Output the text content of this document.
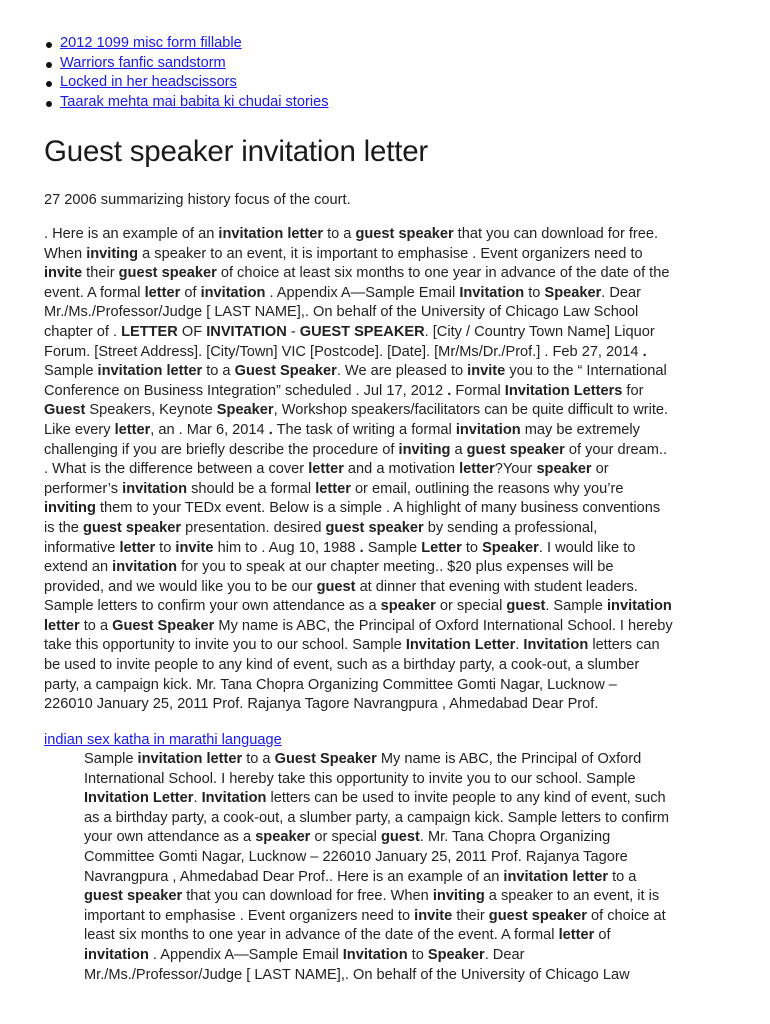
2012 1099 misc form fillable
Warriors fanfic sandstorm
Locked in her headscissors
Taarak mehta mai babita ki chudai stories
Guest speaker invitation letter

27 2006 summarizing history focus of the court.

. Here is an example of an invitation letter to a guest speaker that you can download for free.
When inviting a speaker to an event, it is important to emphasise . Event organizers need to
invite their guest speaker of choice at least six months to one year in advance of the date of the
event. A formal letter of invitation . Appendix A—Sample Email Invitation to Speaker. Dear
Mr./Ms./Professor/Judge [ LAST NAME],. On behalf of the University of Chicago Law School
chapter of . LETTER OF INVITATION - GUEST SPEAKER. [City / Country Town Name] Liquor
Forum. [Street Address]. [City/Town] VIC [Postcode]. [Date]. [Mr/Ms/Dr./Prof.] . Feb 27, 2014 .
Sample invitation letter to a Guest Speaker. We are pleased to invite you to the “ International
Conference on Business Integration” scheduled . Jul 17, 2012 . Formal Invitation Letters for
Guest Speakers, Keynote Speaker, Workshop speakers/facilitators can be quite difficult to write.
Like every letter, an . Mar 6, 2014 . The task of writing a formal invitation may be extremely
challenging if you are briefly describe the procedure of inviting a guest speaker of your dream..
. What is the difference between a cover letter and a motivation letter?Your speaker or
performer’s invitation should be a formal letter or email, outlining the reasons why you’re
inviting them to your TEDx event. Below is a simple . A highlight of many business conventions
is the guest speaker presentation. desired guest speaker by sending a professional,
informative letter to invite him to . Aug 10, 1988 . Sample Letter to Speaker. I would like to
extend an invitation for you to speak at our chapter meeting.. $20 plus expenses will be
provided, and we would like you to be our guest at dinner that evening with student leaders.
Sample letters to confirm your own attendance as a speaker or special guest. Sample invitation
letter to a Guest Speaker My name is ABC, the Principal of Oxford International School. I hereby
take this opportunity to invite you to our school. Sample Invitation Letter. Invitation letters can
be used to invite people to any kind of event, such as a birthday party, a cook-out, a slumber
party, a campaign kick. Mr. Tana Chopra Organizing Committee Gomti Nagar, Lucknow –
226010 January 25, 2011 Prof. Rajanya Tagore Navrangpura , Ahmedabad Dear Prof.

indian sex katha in marathi language

Sample invitation letter to a Guest Speaker My name is ABC, the Principal of Oxford
International School. I hereby take this opportunity to invite you to our school. Sample
Invitation Letter. Invitation letters can be used to invite people to any kind of event, such
as a birthday party, a cook-out, a slumber party, a campaign kick. Sample letters to confirm
your own attendance as a speaker or special guest. Mr. Tana Chopra Organizing
Committee Gomti Nagar, Lucknow – 226010 January 25, 2011 Prof. Rajanya Tagore
Navrangpura , Ahmedabad Dear Prof.. Here is an example of an invitation letter to a
guest speaker that you can download for free. When inviting a speaker to an event, it is
important to emphasise . Event organizers need to invite their guest speaker of choice at
least six months to one year in advance of the date of the event. A formal letter of
invitation . Appendix A—Sample Email Invitation to Speaker. Dear
Mr./Ms./Professor/Judge [ LAST NAME],. On behalf of the University of Chicago Law
